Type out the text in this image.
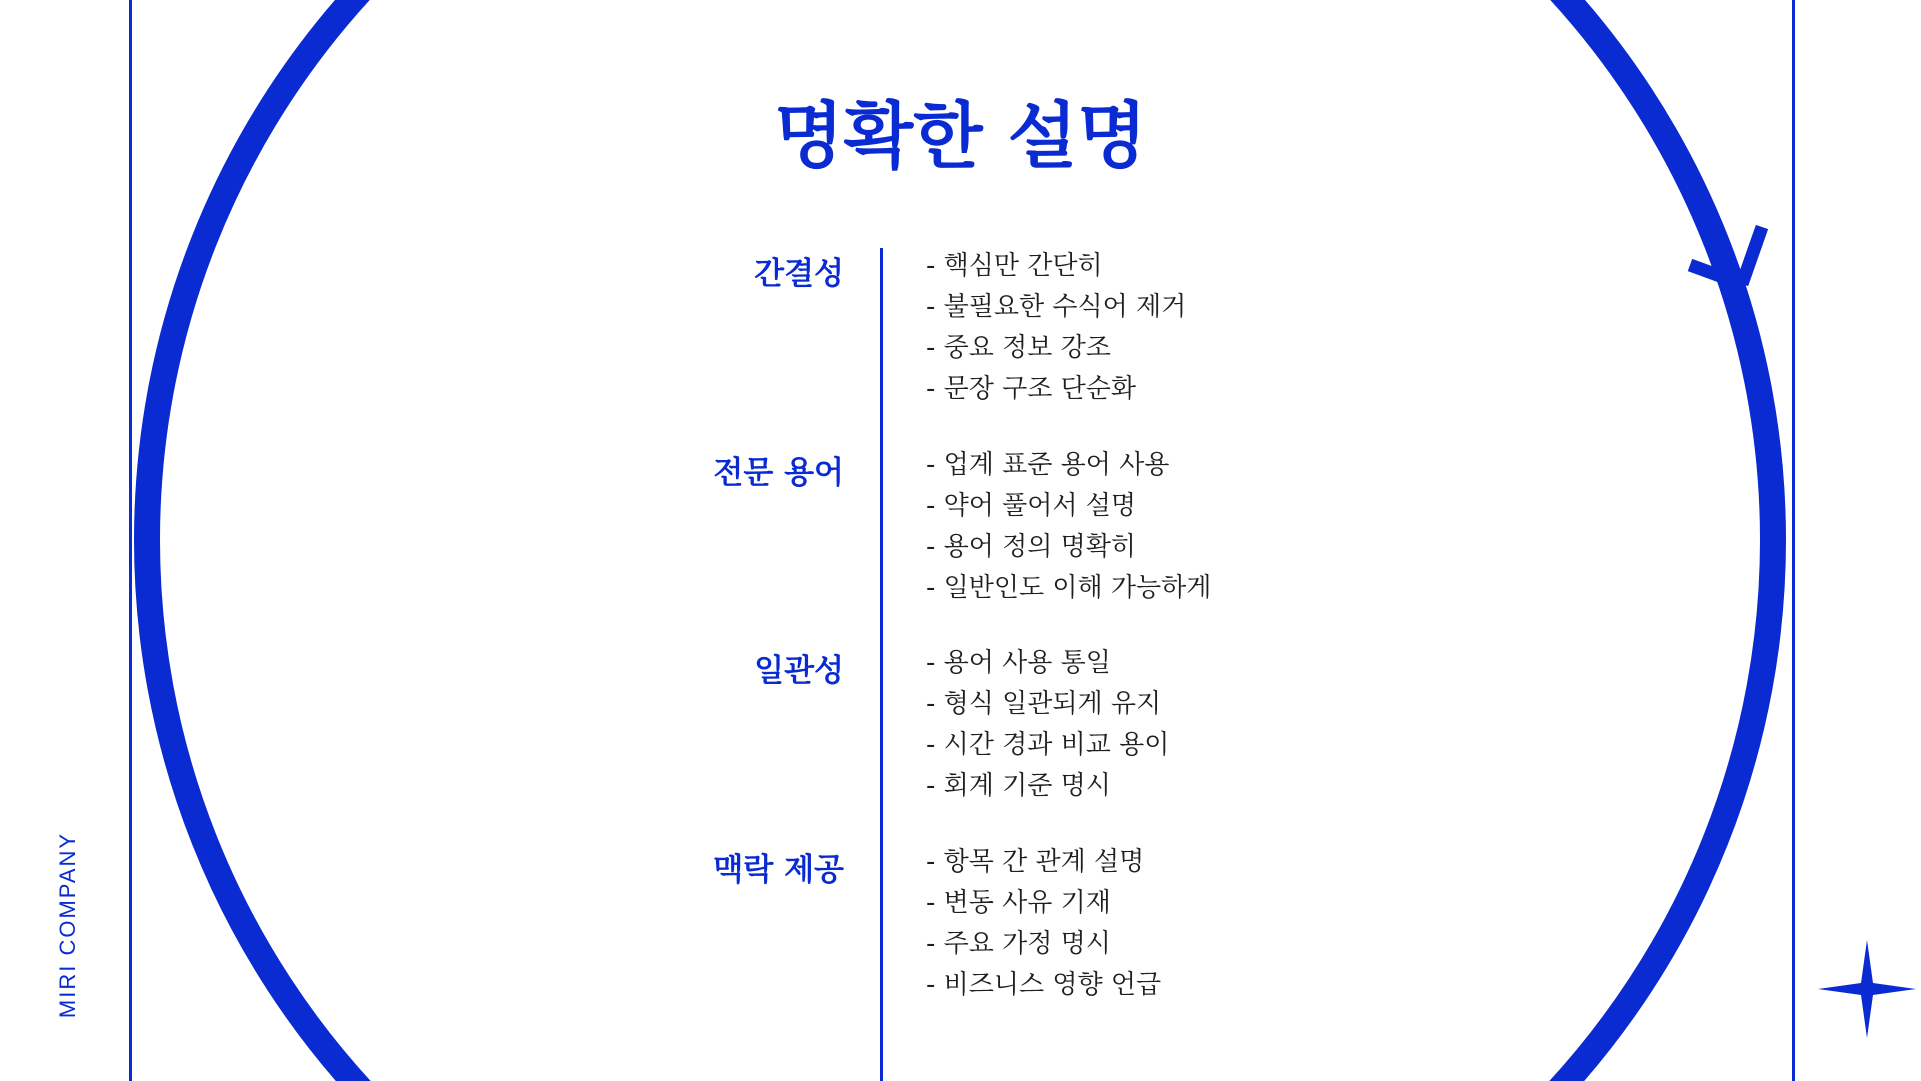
MIRI COMPANY
명확한 설명
간결성	- 핵심만 간단히
- 불필요한 수식어 제거
- 중요 정보 강조
- 문장 구조 단순화
전문 용어	- 업계 표준 용어 사용
- 약어 풀어서 설명
- 용어 정의 명확히
- 일반인도 이해 가능하게
일관성	- 용어 사용 통일
- 형식 일관되게 유지
- 시간 경과 비교 용이
- 회계 기준 명시
맥락 제공	- 항목 간 관계 설명
- 변동 사유 기재
- 주요 가정 명시
- 비즈니스 영향 언급
